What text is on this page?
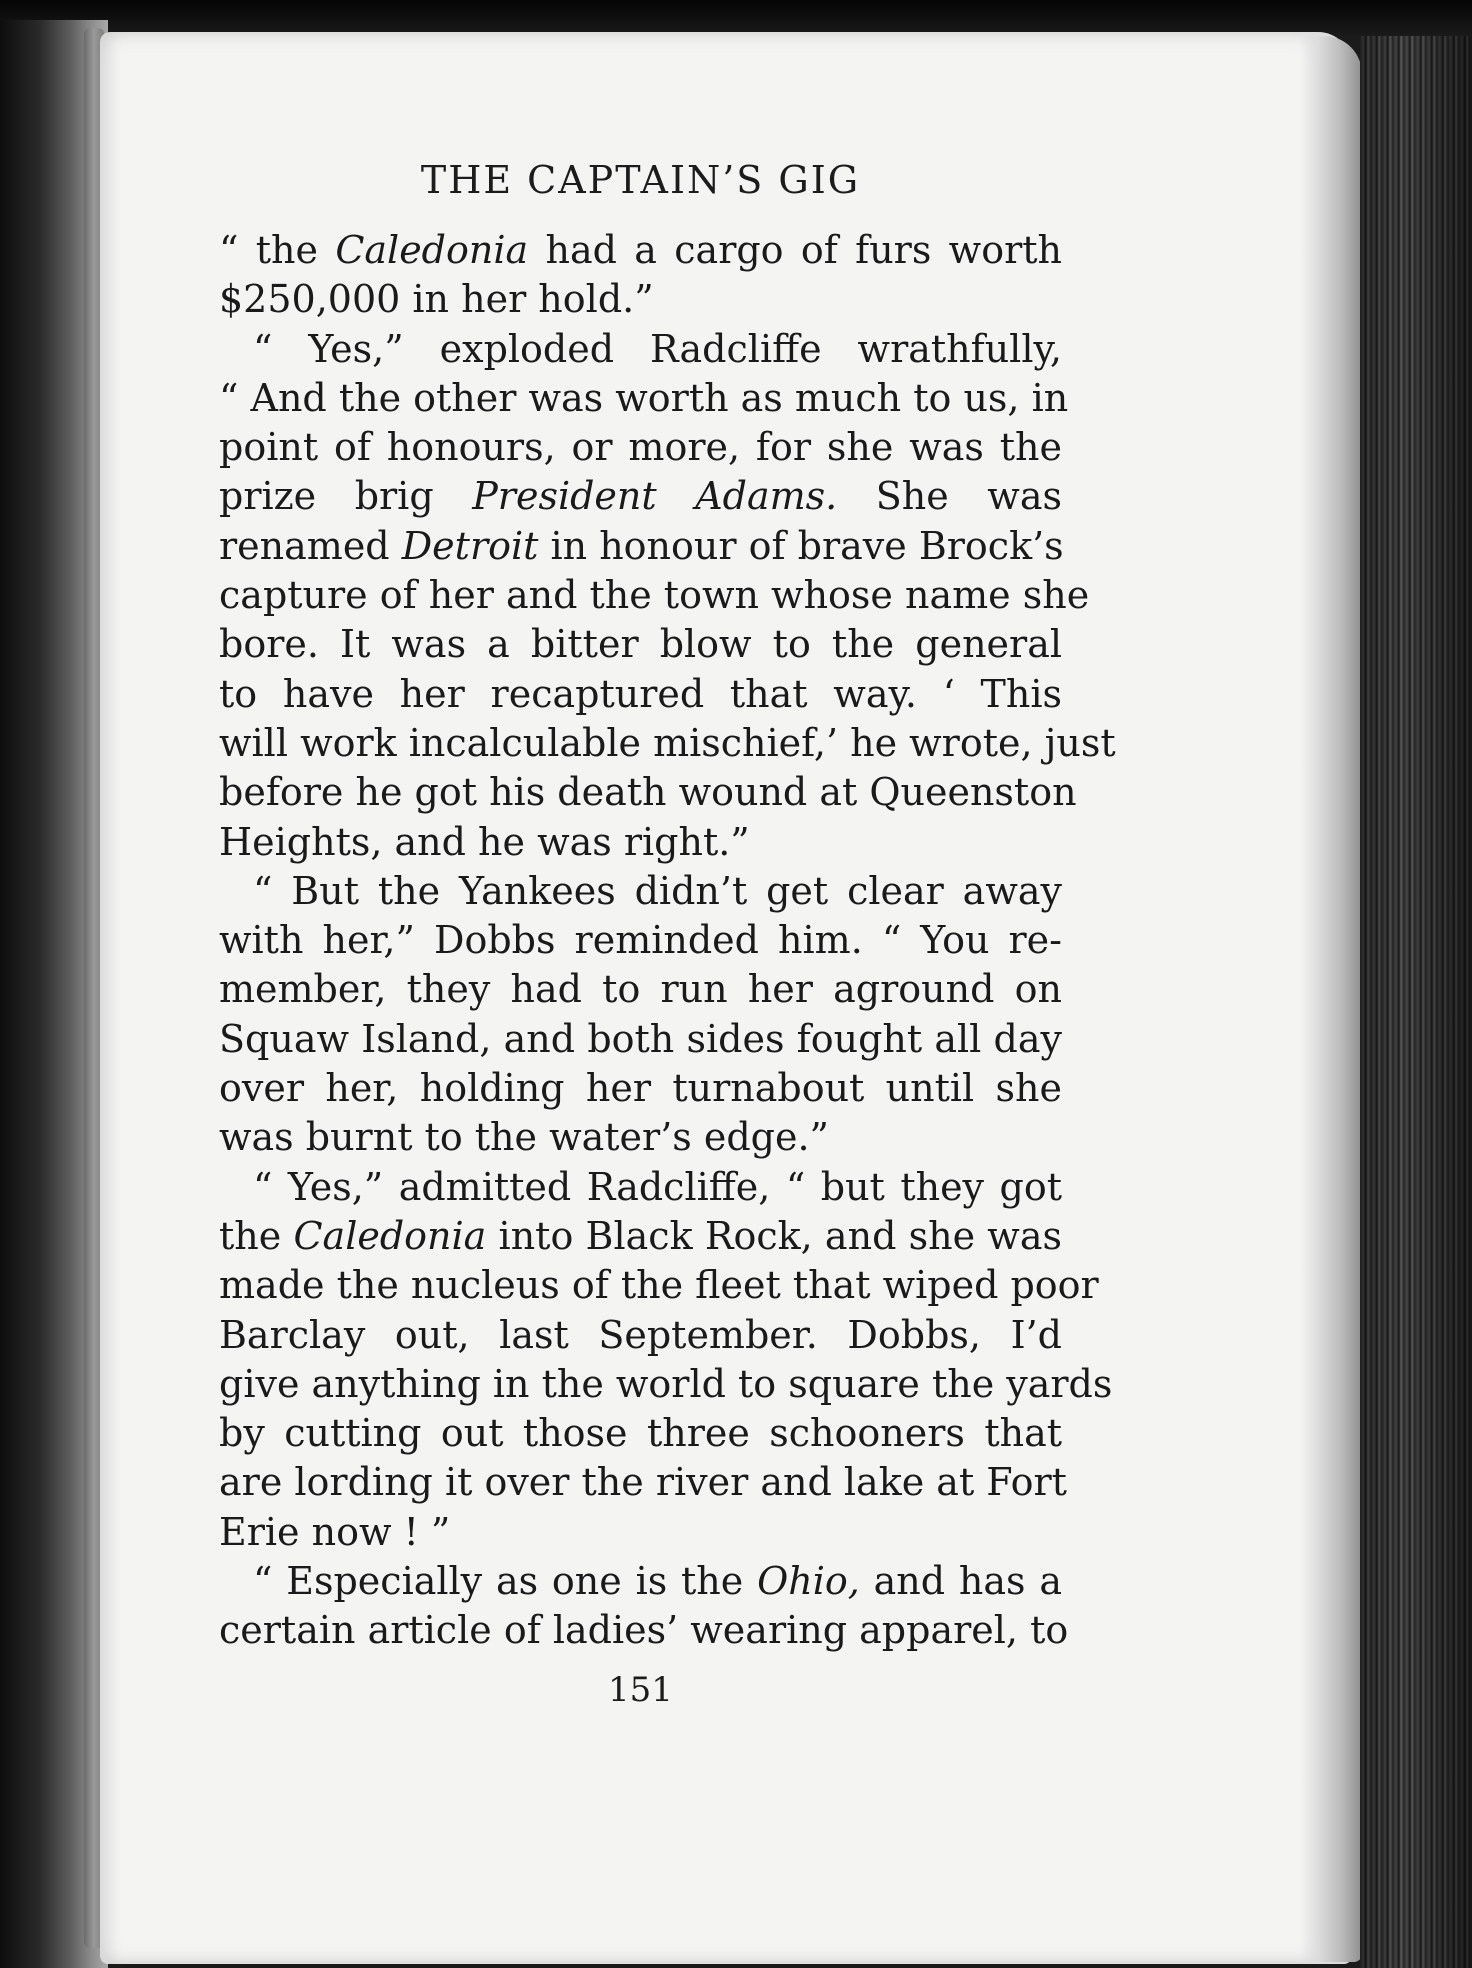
THE CAPTAIN’S GIG
“ the Caledonia had a cargo of furs worth
$250,000 in her hold.”
“ Yes,” exploded Radcliffe wrathfully,
“ And the other was worth as much to us, in
point of honours, or more, for she was the
prize brig President Adams. She was
renamed Detroit in honour of brave Brock’s
capture of her and the town whose name she
bore. It was a bitter blow to the general
to have her recaptured that way. ‘ This
will work incalculable mischief,’ he wrote, just
before he got his death wound at Queenston
Heights, and he was right.”
“ But the Yankees didn’t get clear away
with her,” Dobbs reminded him. “ You re-
member, they had to run her aground on
Squaw Island, and both sides fought all day
over her, holding her turnabout until she
was burnt to the water’s edge.”
“ Yes,” admitted Radcliffe, “ but they got
the Caledonia into Black Rock, and she was
made the nucleus of the fleet that wiped poor
Barclay out, last September. Dobbs, I’d
give anything in the world to square the yards
by cutting out those three schooners that
are lording it over the river and lake at Fort
Erie now ! ”
“ Especially as one is the Ohio, and has a
certain article of ladies’ wearing apparel, to
151
